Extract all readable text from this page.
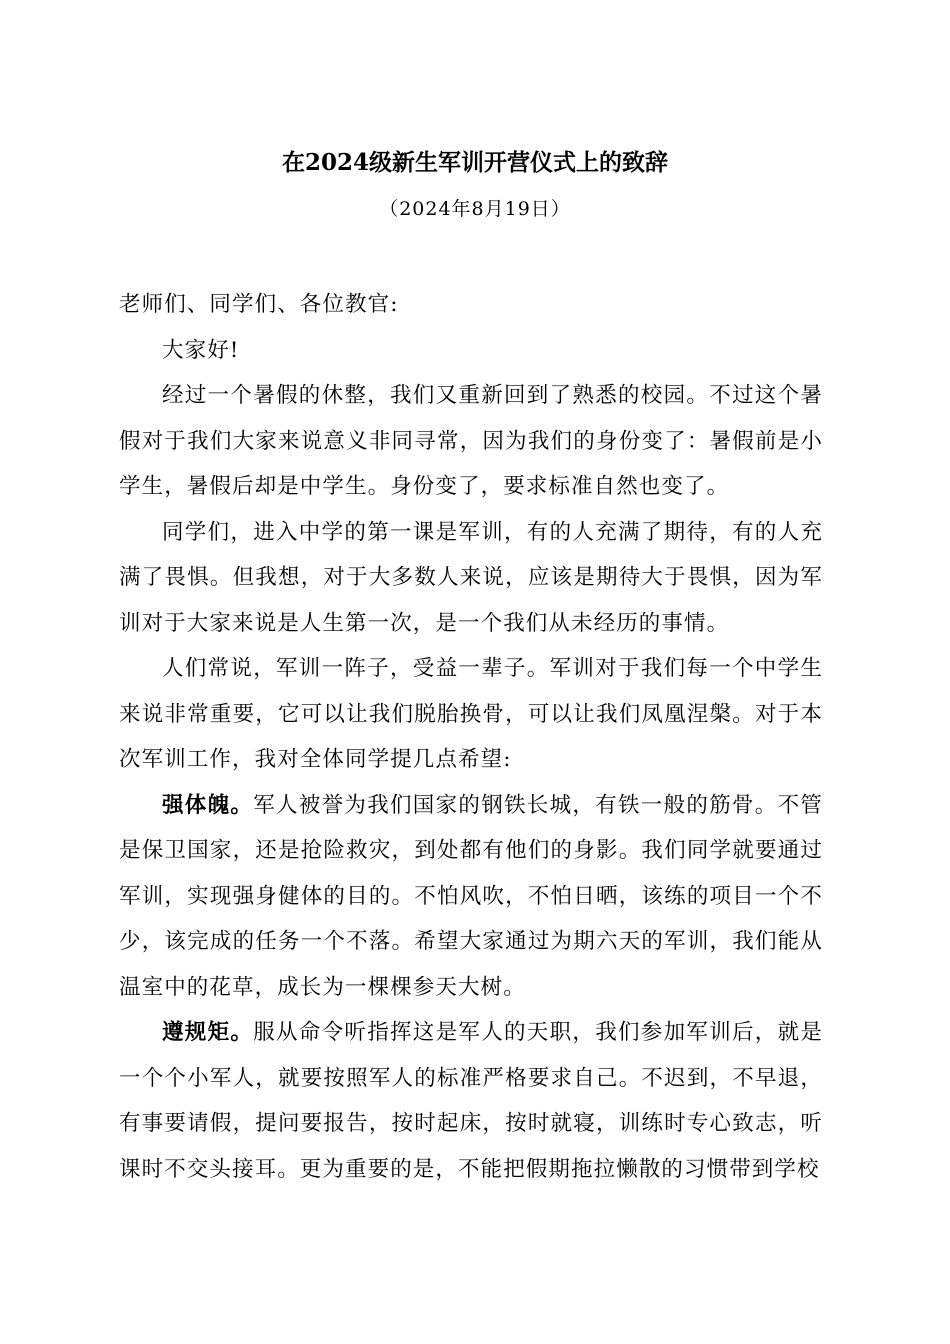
在2024级新生军训开营仪式上的致辞
（2024年8月19日）

老师们、同学们、各位教官:

大家好!

经过一个暑假的休整，我们又重新回到了熟悉的校园。不过这个暑假对于我们大家来说意义非同寻常，因为我们的身份变了：暑假前是小学生，暑假后却是中学生。身份变了，要求标准自然也变了。

同学们，进入中学的第一课是军训，有的人充满了期待，有的人充满了畏惧。但我想，对于大多数人来说，应该是期待大于畏惧，因为军训对于大家来说是人生第一次，是一个我们从未经历的事情。

人们常说，军训一阵子，受益一辈子。军训对于我们每一个中学生来说非常重要，它可以让我们脱胎换骨，可以让我们凤凰涅槃。对于本次军训工作，我对全体同学提几点希望:

强体魄。军人被誉为我们国家的钢铁长城，有铁一般的筋骨。不管是保卫国家，还是抢险救灾，到处都有他们的身影。我们同学就要通过军训，实现强身健体的目的。不怕风吹，不怕日晒，该练的项目一个不少，该完成的任务一个不落。希望大家通过为期六天的军训，我们能从温室中的花草，成长为一棵棵参天大树。

遵规矩。服从命令听指挥这是军人的天职，我们参加军训后，就是一个个小军人，就要按照军人的标准严格要求自己。不迟到，不早退，有事要请假，提问要报告，按时起床，按时就寝，训练时专心致志，听课时不交头接耳。更为重要的是，不能把假期拖拉懒散的习惯带到学校
